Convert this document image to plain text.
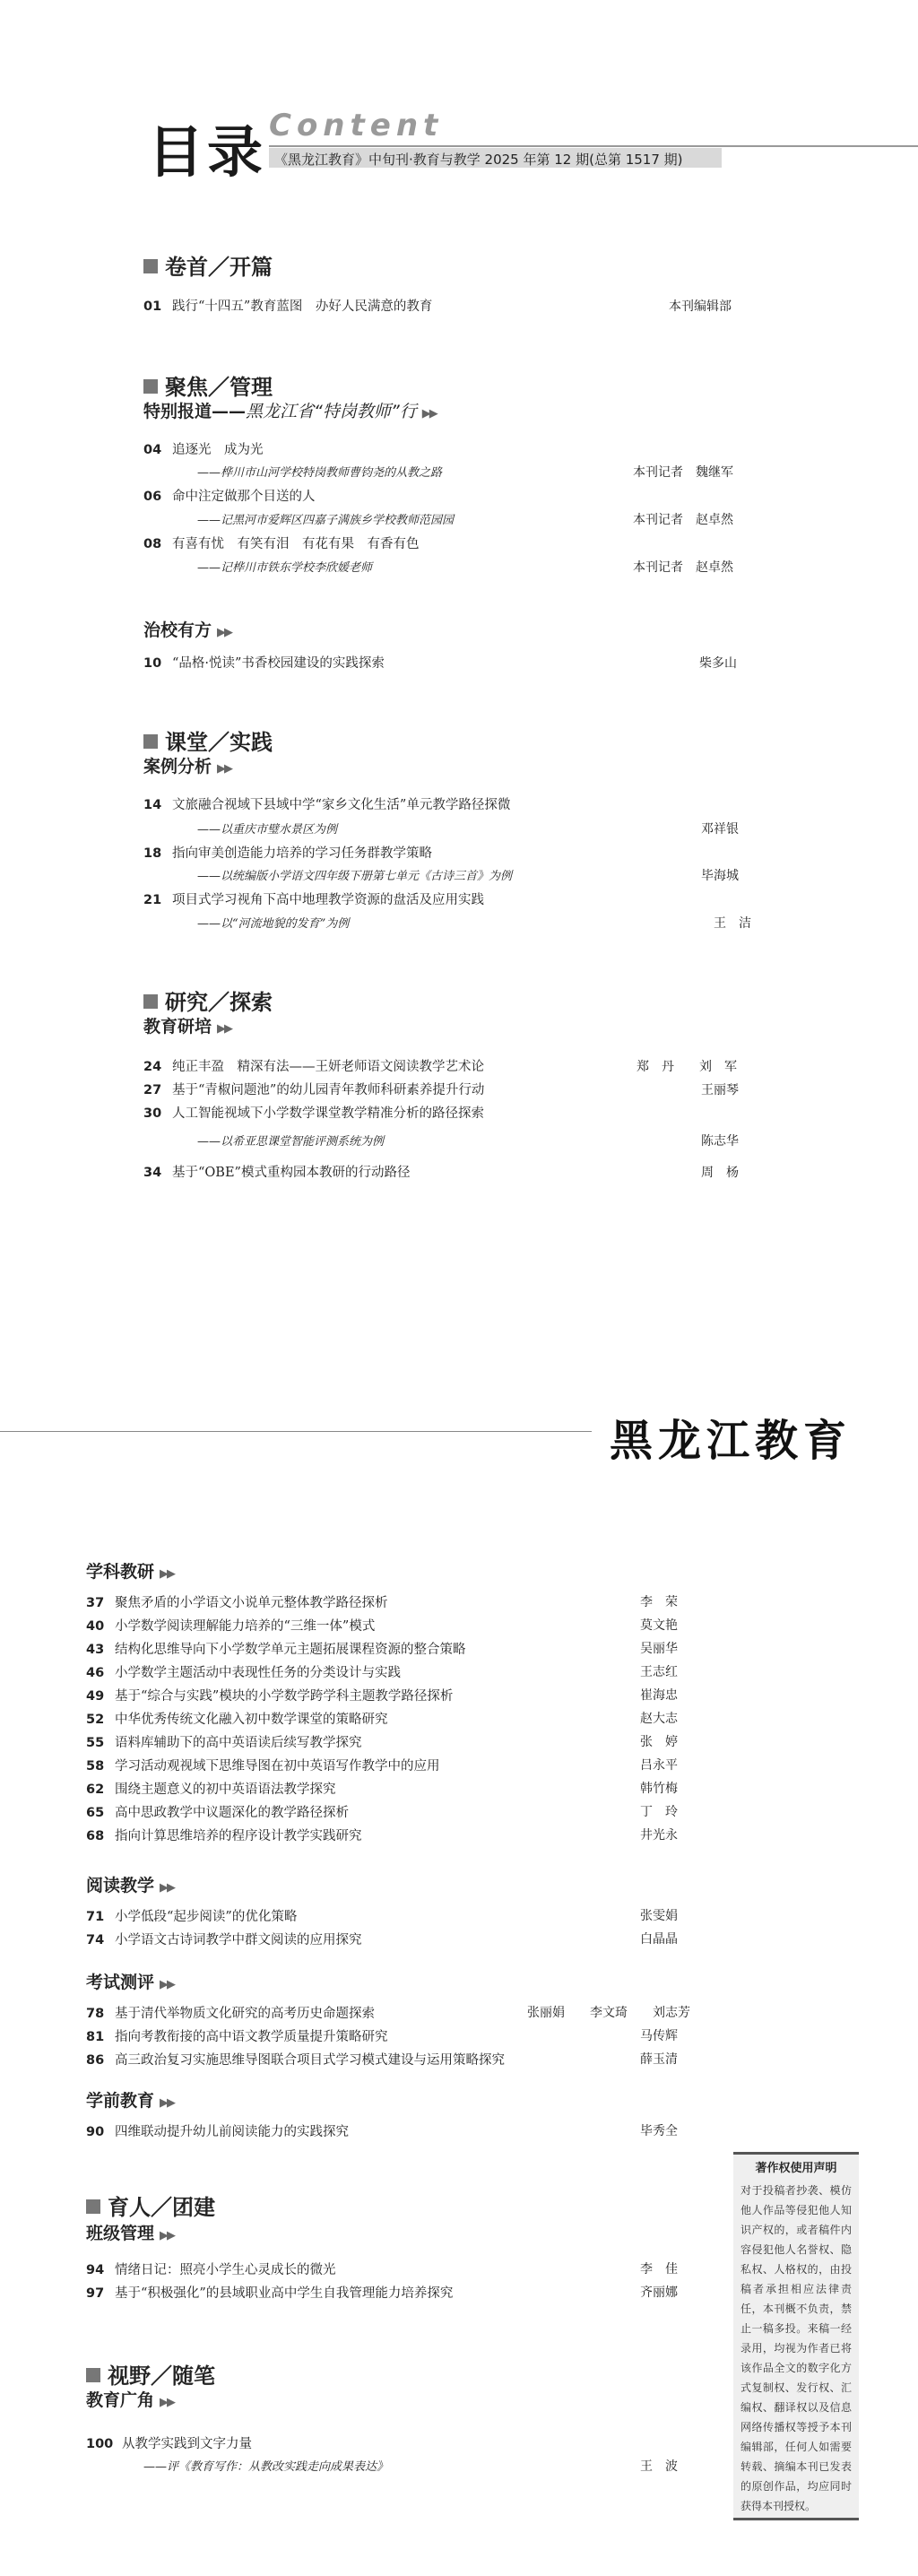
目录 Content
《黑龙江教育》中旬刊·教育与教学 2025 年第 12 期(总第 1517 期)
卷首／开篇
01 践行“十四五”教育蓝图　办好人民满意的教育	本刊编辑部
聚焦／管理
特别报道——黑龙江省“特岗教师”行 ▶▶
04 追逐光　成为光
——桦川市山河学校特岗教师曹钧尧的从教之路	本刊记者　魏继军
06 命中注定做那个目送的人
——记黑河市爱辉区四嘉子满族乡学校教师范园园	本刊记者　赵卓然
08 有喜有忧　有笑有泪　有花有果　有香有色
——记桦川市铁东学校李欣媛老师	本刊记者　赵卓然
治校有方 ▶▶
10 “品格·悦读”书香校园建设的实践探索	柴多山
课堂／实践
案例分析 ▶▶
14 文旅融合视域下县域中学“家乡文化生活”单元教学路径探微
——以重庆市璧水景区为例	邓祥银
18 指向审美创造能力培养的学习任务群教学策略
——以统编版小学语文四年级下册第七单元《古诗三首》为例	毕海城
21 项目式学习视角下高中地理教学资源的盘活及应用实践
——以“河流地貌的发育”为例	王　洁
研究／探索
教育研培 ▶▶
24 纯正丰盈　精深有法——王妍老师语文阅读教学艺术论	郑　丹　　刘　军
27 基于“青椒问题池”的幼儿园青年教师科研素养提升行动	王丽琴
30 人工智能视域下小学数学课堂教学精准分析的路径探索
——以希亚思课堂智能评测系统为例	陈志华
34 基于“OBE”模式重构园本教研的行动路径	周　杨
黑龙江教育
学科教研 ▶▶
37 聚焦矛盾的小学语文小说单元整体教学路径探析	李　荣
40 小学数学阅读理解能力培养的“三维一体”模式	莫文艳
43 结构化思维导向下小学数学单元主题拓展课程资源的整合策略	吴丽华
46 小学数学主题活动中表现性任务的分类设计与实践	王志红
49 基于“综合与实践”模块的小学数学跨学科主题教学路径探析	崔海忠
52 中华优秀传统文化融入初中数学课堂的策略研究	赵大志
55 语料库辅助下的高中英语读后续写教学探究	张　婷
58 学习活动观视域下思维导图在初中英语写作教学中的应用	吕永平
62 围绕主题意义的初中英语语法教学探究	韩竹梅
65 高中思政教学中议题深化的教学路径探析	丁　玲
68 指向计算思维培养的程序设计教学实践研究	井光永
阅读教学 ▶▶
71 小学低段“起步阅读”的优化策略	张雯娟
74 小学语文古诗词教学中群文阅读的应用探究	白晶晶
考试测评 ▶▶
78 基于清代举物质文化研究的高考历史命题探索	张丽娟　　李文琦　　刘志芳
81 指向考教衔接的高中语文教学质量提升策略研究	马传辉
86 高三政治复习实施思维导图联合项目式学习模式建设与运用策略探究	薛玉清
学前教育 ▶▶
90 四维联动提升幼儿前阅读能力的实践探究	毕秀全
育人／团建
班级管理 ▶▶
94 情绪日记：照亮小学生心灵成长的微光	李　佳
97 基于“积极强化”的县域职业高中学生自我管理能力培养探究	齐丽娜
视野／随笔
教育广角 ▶▶
100 从教学实践到文字力量
——评《教育写作：从教改实践走向成果表达》	王　波
著作权使用声明
对于投稿者抄袭、模仿他人作品等侵犯他人知识产权的，或者稿件内容侵犯他人名誉权、隐私权、人格权的，由投稿者承担相应法律责任，本刊概不负责，禁止一稿多投。来稿一经录用，均视为作者已将该作品全文的数字化方式复制权、发行权、汇编权、翻译权以及信息网络传播权等授予本刊编辑部，任何人如需要转载、摘编本刊已发表的原创作品，均应同时获得本刊授权。
